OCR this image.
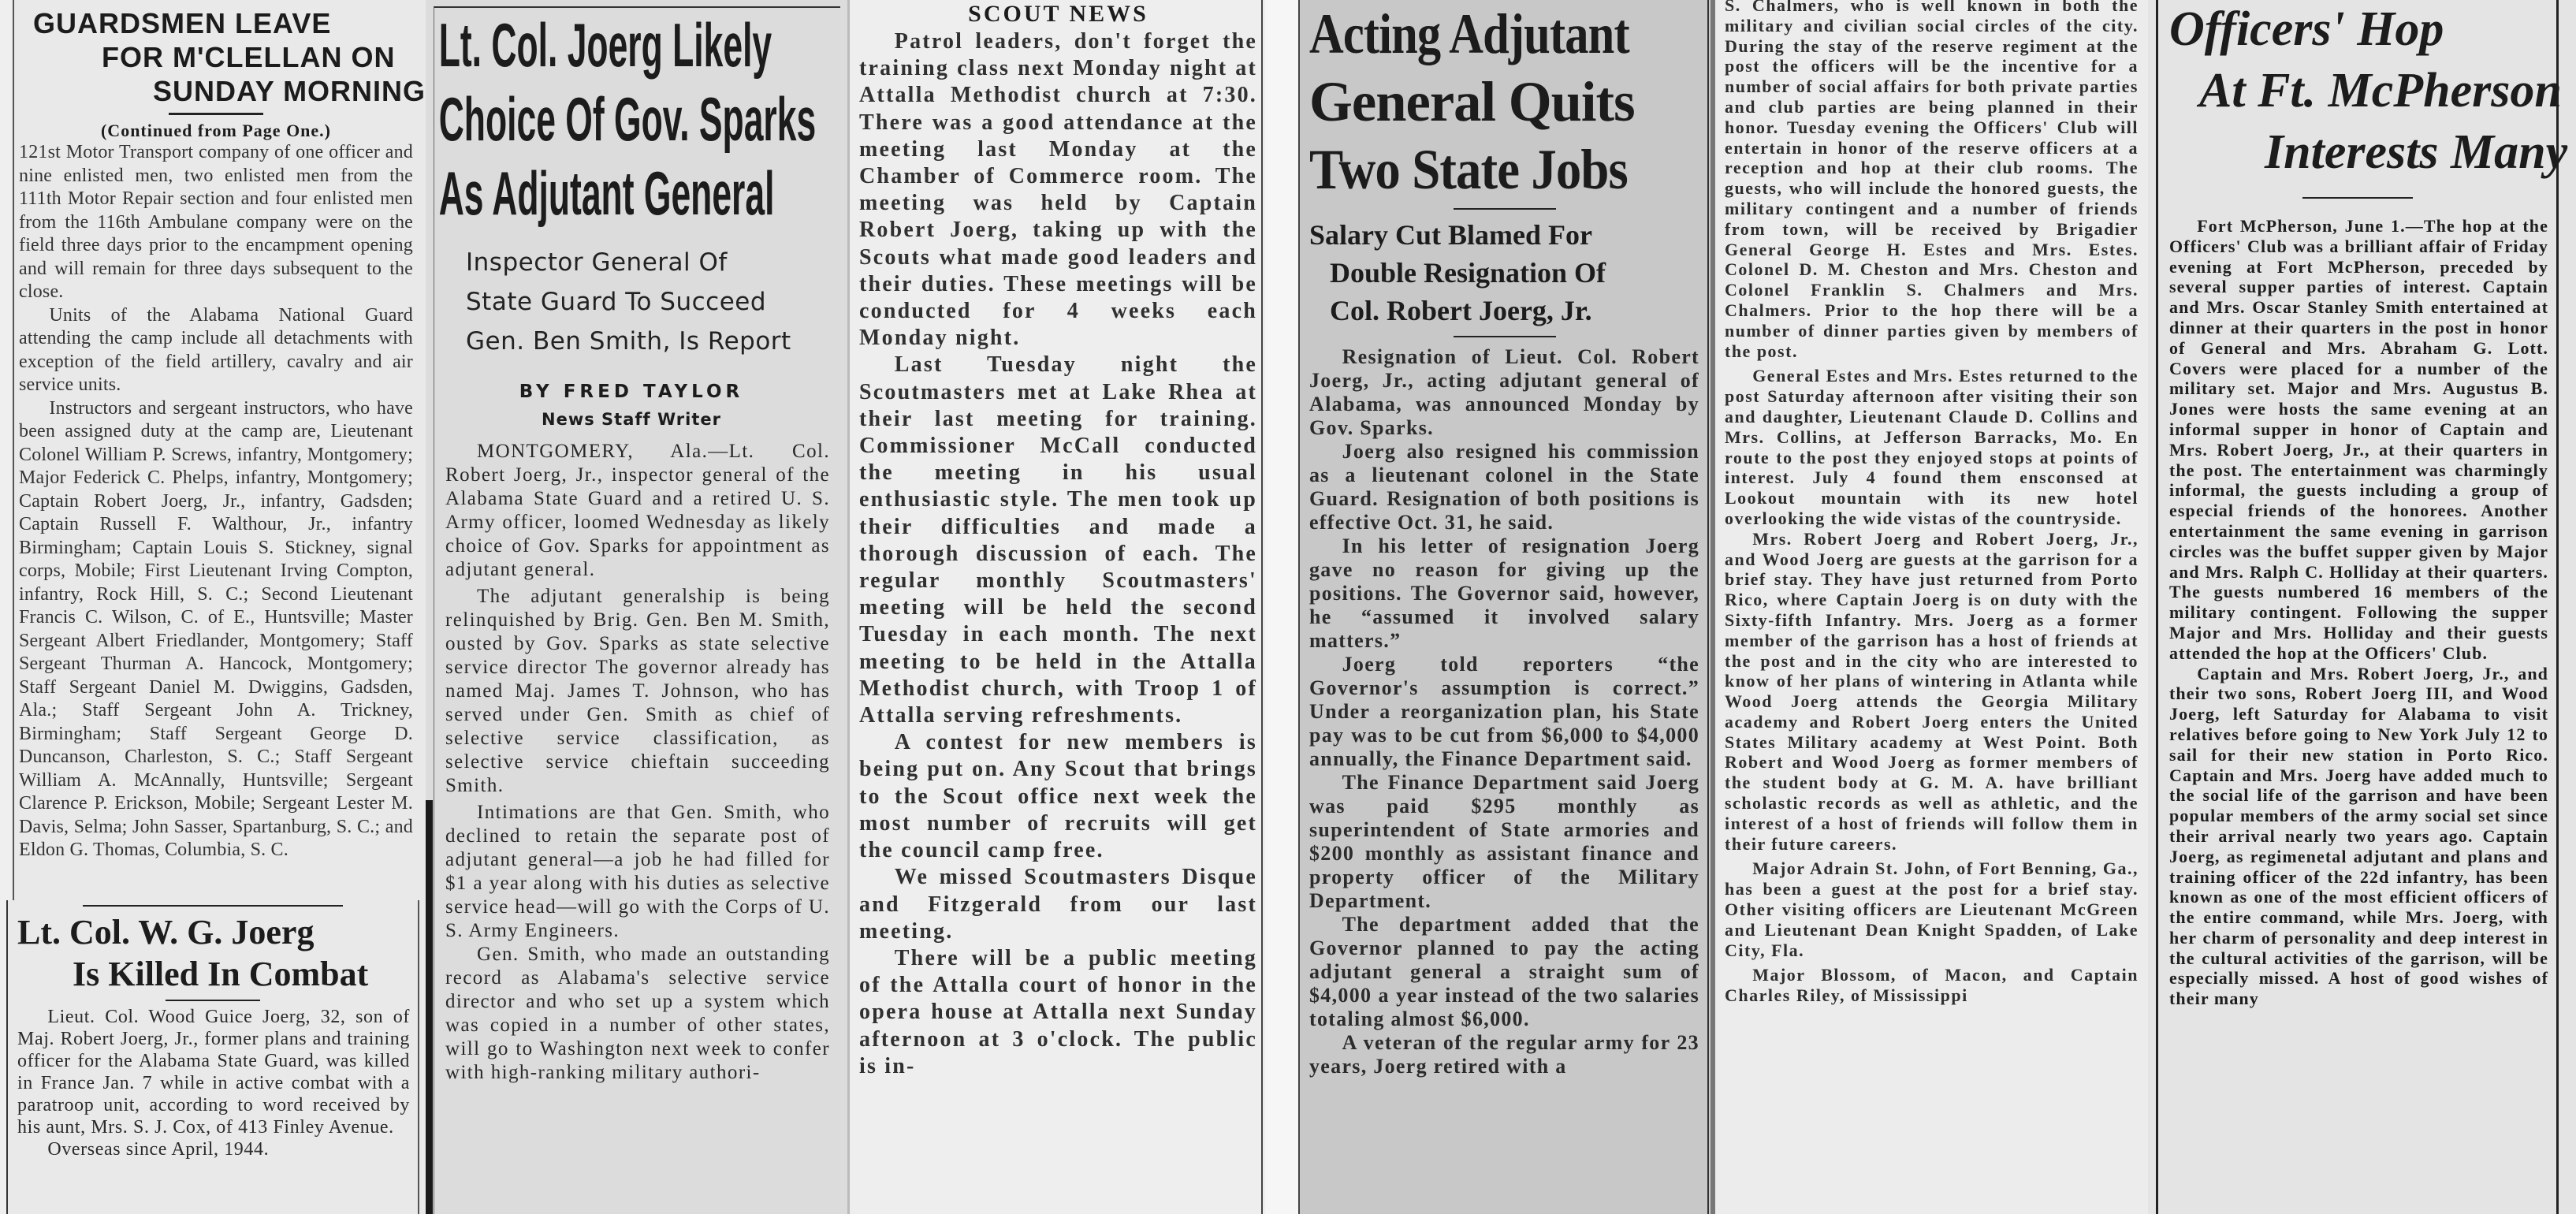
GUARDSMEN LEAVE
FOR M'CLELLAN ON
SUNDAY MORNING
(Continued from Page One.)

121st Motor Transport company of one officer and nine enlisted men, two enlisted men from the 111th Motor Repair section and four enlisted men from the 116th Ambulane company were on the field three days prior to the encampment opening and will remain for three days subsequent to the close.

Units of the Alabama National Guard attending the camp include all detachments with exception of the field artillery, cavalry and air service units.

Instructors and sergeant instructors, who have been assigned duty at the camp are, Lieutenant Colonel William P. Screws, infantry, Montgomery; Major Federick C. Phelps, infantry, Montgomery; Captain Robert Joerg, Jr., infantry, Gadsden; Captain Russell F. Walthour, Jr., infantry Birmingham; Captain Louis S. Stickney, signal corps, Mobile; First Lieutenant Irving Compton, infantry, Rock Hill, S. C.; Second Lieutenant Francis C. Wilson, C. of E., Huntsville; Master Sergeant Albert Friedlander, Montgomery; Staff Sergeant Thurman A. Hancock, Montgomery; Staff Sergeant Daniel M. Dwiggins, Gadsden, Ala.; Staff Sergeant John A. Trickney, Birmingham; Staff Sergeant George D. Duncanson, Charleston, S. C.; Staff Sergeant William A. McAnnally, Huntsville; Sergeant Clarence P. Erickson, Mobile; Sergeant Lester M. Davis, Selma; John Sasser, Spartanburg, S. C.; and Eldon G. Thomas, Columbia, S. C.

Lt. Col. W. G. Joerg
Is Killed In Combat

Lieut. Col. Wood Guice Joerg, 32, son of Maj. Robert Joerg, Jr., former plans and training officer for the Alabama State Guard, was killed in France Jan. 7 while in active combat with a paratroop unit, according to word received by his aunt, Mrs. S. J. Cox, of 413 Finley Avenue.

Overseas since April, 1944.

Lt. Col. Joerg Likely
Choice Of Gov. Sparks
As Adjutant General
Inspector General Of
State Guard To Succeed
Gen. Ben Smith, Is Report
BY FRED TAYLOR
News Staff Writer

MONTGOMERY, Ala.—Lt. Col. Robert Joerg, Jr., inspector general of the Alabama State Guard and a retired U. S. Army officer, loomed Wednesday as likely choice of Gov. Sparks for appointment as adjutant general.

The adjutant generalship is being relinquished by Brig. Gen. Ben M. Smith, ousted by Gov. Sparks as state selective service director The governor already has named Maj. James T. Johnson, who has served under Gen. Smith as chief of selective service classification, as selective service chieftain succeeding Smith.

Intimations are that Gen. Smith, who declined to retain the separate post of adjutant general—a job he had filled for $1 a year along with his duties as selective service head—will go with the Corps of U. S. Army Engineers.

Gen. Smith, who made an outstanding record as Alabama's selective service director and who set up a system which was copied in a number of other states, will go to Washington next week to confer with high-ranking military authori-

SCOUT NEWS

Patrol leaders, don't forget the training class next Monday night at Attalla Methodist church at 7:30. There was a good attendance at the meeting last Monday at the Chamber of Commerce room. The meeting was held by Captain Robert Joerg, taking up with the Scouts what made good leaders and their duties. These meetings will be conducted for 4 weeks each Monday night.

Last Tuesday night the Scoutmasters met at Lake Rhea at their last meeting for training. Commissioner McCall conducted the meeting in his usual enthusiastic style. The men took up their difficulties and made a thorough discussion of each. The regular monthly Scoutmasters' meeting will be held the second Tuesday in each month. The next meeting to be held in the Attalla Methodist church, with Troop 1 of Attalla serving refreshments.

A contest for new members is being put on. Any Scout that brings to the Scout office next week the most number of recruits will get the council camp free.

We missed Scoutmasters Disque and Fitzgerald from our last meeting.

There will be a public meeting of the Attalla court of honor in the opera house at Attalla next Sunday afternoon at 3 o'clock. The public is in-

Acting Adjutant
General Quits
Two State Jobs
Salary Cut Blamed For
Double Resignation Of
Col. Robert Joerg, Jr.

Resignation of Lieut. Col. Robert Joerg, Jr., acting adjutant general of Alabama, was announced Monday by Gov. Sparks.

Joerg also resigned his commission as a lieutenant colonel in the State Guard. Resignation of both positions is effective Oct. 31, he said.

In his letter of resignation Joerg gave no reason for giving up the positions. The Governor said, however, he “assumed it involved salary matters.”

Joerg told reporters “the Governor's assumption is correct.” Under a reorganization plan, his State pay was to be cut from $6,000 to $4,000 annually, the Finance Department said.

The Finance Department said Joerg was paid $295 monthly as superintendent of State armories and $200 monthly as assistant finance and property officer of the Military Department.

The department added that the Governor planned to pay the acting adjutant general a straight sum of $4,000 a year instead of the two salaries totaling almost $6,000.

A veteran of the regular army for 23 years, Joerg retired with a

S. Chalmers, who is well known in both the military and civilian social circles of the city. During the stay of the reserve regiment at the post the officers will be the incentive for a number of social affairs for both private parties and club parties are being planned in their honor. Tuesday evening the Officers' Club will entertain in honor of the reserve officers at a reception and hop at their club rooms. The guests, who will include the honored guests, the military contingent and a number of friends from town, will be received by Brigadier General George H. Estes and Mrs. Estes. Colonel D. M. Cheston and Mrs. Cheston and Colonel Franklin S. Chalmers and Mrs. Chalmers. Prior to the hop there will be a number of dinner parties given by members of the post.

General Estes and Mrs. Estes returned to the post Saturday afternoon after visiting their son and daughter, Lieutenant Claude D. Collins and Mrs. Collins, at Jefferson Barracks, Mo. En route to the post they enjoyed stops at points of interest. July 4 found them ensconsed at Lookout mountain with its new hotel overlooking the wide vistas of the countryside.

Mrs. Robert Joerg and Robert Joerg, Jr., and Wood Joerg are guests at the garrison for a brief stay. They have just returned from Porto Rico, where Captain Joerg is on duty with the Sixty-fifth Infantry. Mrs. Joerg as a former member of the garrison has a host of friends at the post and in the city who are interested to know of her plans of wintering in Atlanta while Wood Joerg attends the Georgia Military academy and Robert Joerg enters the United States Military academy at West Point. Both Robert and Wood Joerg as former members of the student body at G. M. A. have brilliant scholastic records as well as athletic, and the interest of a host of friends will follow them in their future careers.

Major Adrain St. John, of Fort Benning, Ga., has been a guest at the post for a brief stay. Other visiting officers are Lieutenant McGreen and Lieutenant Dean Knight Spadden, of Lake City, Fla.

Major Blossom, of Macon, and Captain Charles Riley, of Mississippi

Officers' Hop
At Ft. McPherson
Interests Many

Fort McPherson, June 1.—The hop at the Officers' Club was a brilliant affair of Friday evening at Fort McPherson, preceded by several supper parties of interest. Captain and Mrs. Oscar Stanley Smith entertained at dinner at their quarters in the post in honor of General and Mrs. Abraham G. Lott. Covers were placed for a number of the military set. Major and Mrs. Augustus B. Jones were hosts the same evening at an informal supper in honor of Captain and Mrs. Robert Joerg, Jr., at their quarters in the post. The entertainment was charmingly informal, the guests including a group of especial friends of the honorees. Another entertainment the same evening in garrison circles was the buffet supper given by Major and Mrs. Ralph C. Holliday at their quarters. The guests numbered 16 members of the military contingent. Following the supper Major and Mrs. Holliday and their guests attended the hop at the Officers' Club.

Captain and Mrs. Robert Joerg, Jr., and their two sons, Robert Joerg III, and Wood Joerg, left Saturday for Alabama to visit relatives before going to New York July 12 to sail for their new station in Porto Rico. Captain and Mrs. Joerg have added much to the social life of the garrison and have been popular members of the army social set since their arrival nearly two years ago. Captain Joerg, as regimenetal adjutant and plans and training officer of the 22d infantry, has been known as one of the most efficient officers of the entire command, while Mrs. Joerg, with her charm of personality and deep interest in the cultural activities of the garrison, will be especially missed. A host of good wishes of their many
